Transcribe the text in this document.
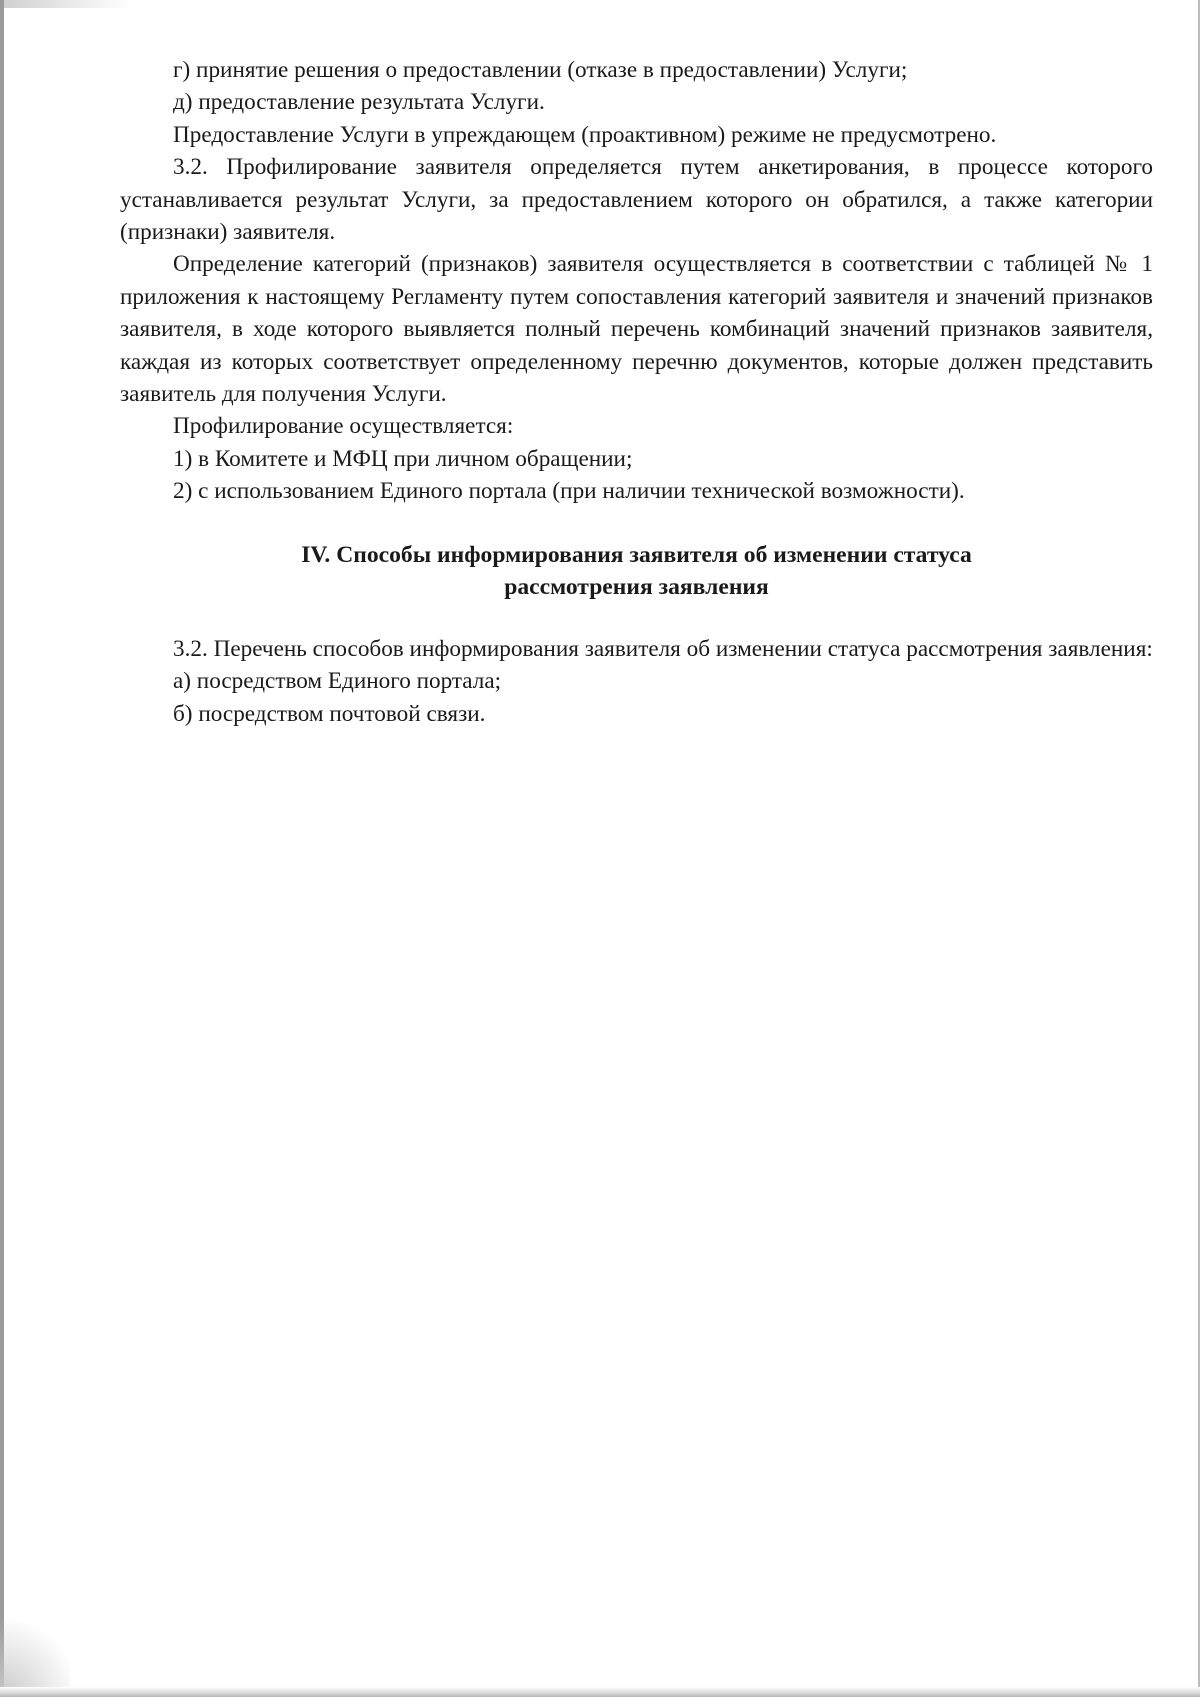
г) принятие решения о предоставлении (отказе в предоставлении) Услуги;

д) предоставление результата Услуги.

Предоставление Услуги в упреждающем (проактивном) режиме не предусмотрено.

3.2. Профилирование заявителя определяется путем анкетирования, в процессе которого устанавливается результат Услуги, за предоставлением которого он обратился, а также категории (признаки) заявителя.

Определение категорий (признаков) заявителя осуществляется в соответствии с таблицей № 1 приложения к настоящему Регламенту путем сопоставления категорий заявителя и значений признаков заявителя, в ходе которого выявляется полный перечень комбинаций значений признаков заявителя, каждая из которых соответствует определенному перечню документов, которые должен представить заявитель для получения Услуги.

Профилирование осуществляется:

1) в Комитете и МФЦ при личном обращении;

2) с использованием Единого портала (при наличии технической возможности).

IV. Способы информирования заявителя об изменении статуса
рассмотрения заявления

3.2. Перечень способов информирования заявителя об изменении статуса рассмотрения заявления:

а) посредством Единого портала;

б) посредством почтовой связи.
